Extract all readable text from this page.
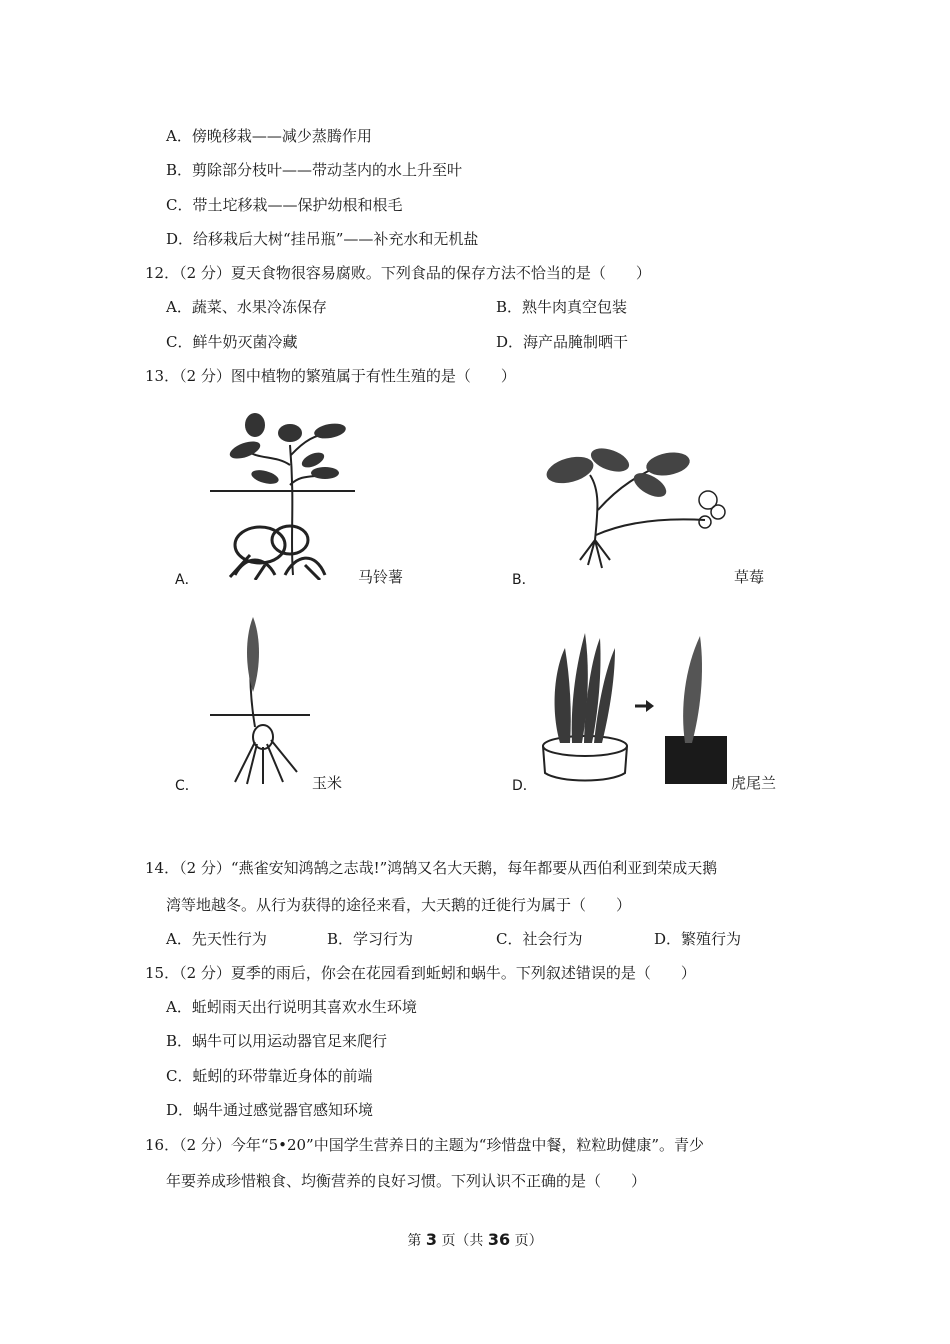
A．傍晚移栽——减少蒸腾作用
B．剪除部分枝叶——带动茎内的水上升至叶
C．带土坨移栽——保护幼根和根毛
D．给移栽后大树“挂吊瓶”——补充水和无机盐
12．（2 分）夏天食物很容易腐败。下列食品的保存方法不恰当的是（　　）
A．蔬菜、水果冷冻保存	B．熟牛肉真空包装
C．鲜牛奶灭菌冷藏	D．海产品腌制晒干
13．（2 分）图中植物的繁殖属于有性生殖的是（　　）
A．	马铃薯	B．	草莓
C．	玉米	D．	虎尾兰
14．（2 分）“燕雀安知鸿鹄之志哉!”鸿鹄又名大天鹅，每年都要从西伯利亚到荣成天鹅
湾等地越冬。从行为获得的途径来看，大天鹅的迁徙行为属于（　　）
A．先天性行为	B．学习行为	C．社会行为	D．繁殖行为
15．（2 分）夏季的雨后，你会在花园看到蚯蚓和蜗牛。下列叙述错误的是（　　）
A．蚯蚓雨天出行说明其喜欢水生环境
B．蜗牛可以用运动器官足来爬行
C．蚯蚓的环带靠近身体的前端
D．蜗牛通过感觉器官感知环境
16．（2 分）今年“5•20”中国学生营养日的主题为“珍惜盘中餐，粒粒助健康”。青少
年要养成珍惜粮食、均衡营养的良好习惯。下列认识不正确的是（　　）
第 3 页（共 36 页）
